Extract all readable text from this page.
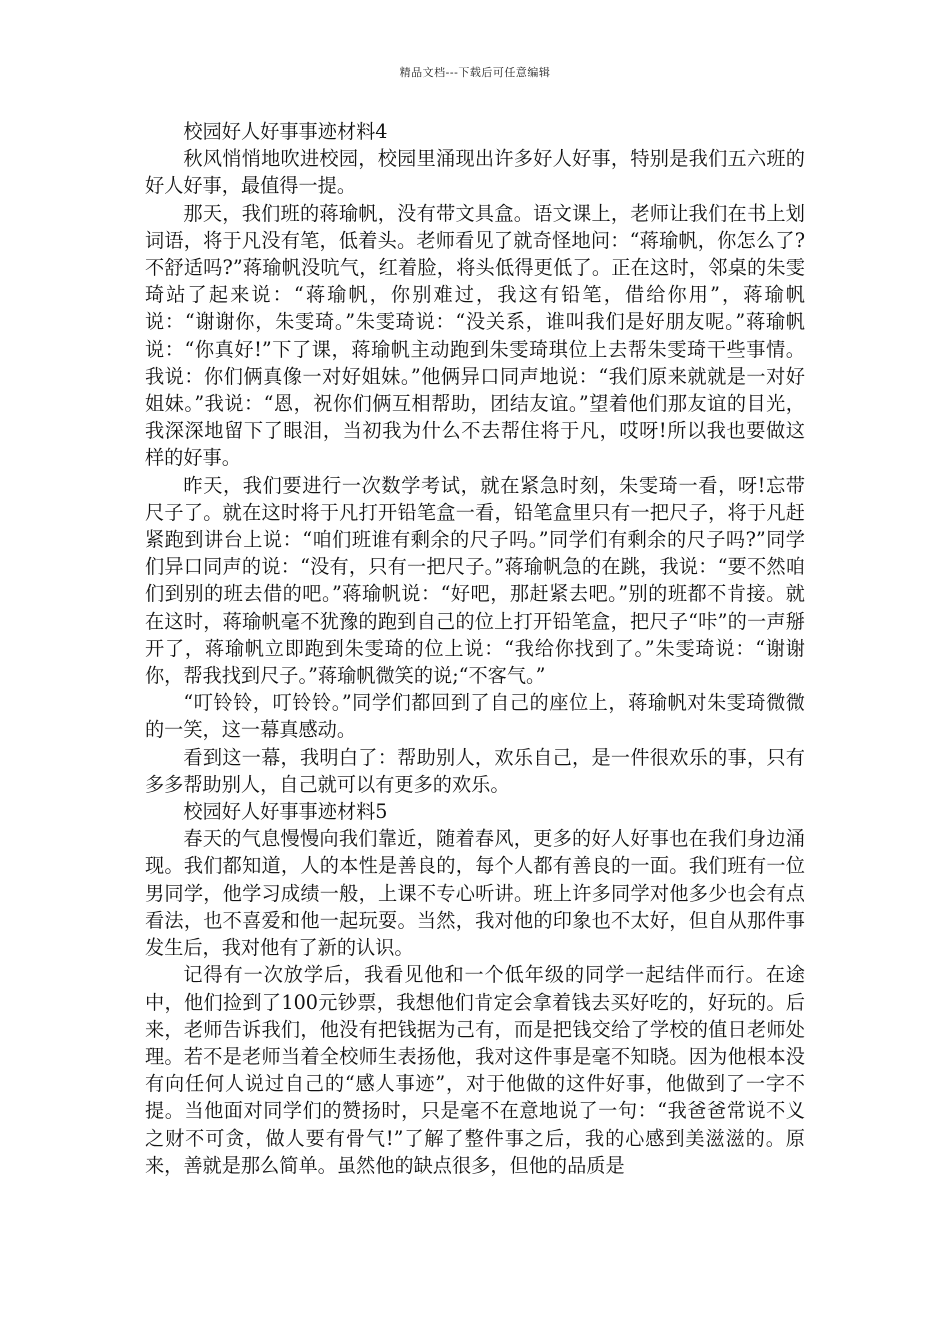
精品文档---下载后可任意编辑

校园好人好事事迹材料4

秋风悄悄地吹进校园，校园里涌现出许多好人好事，特别是我们五六班的好人好事，最值得一提。

那天，我们班的蒋瑜帆，没有带文具盒。语文课上，老师让我们在书上划词语，将于凡没有笔，低着头。老师看见了就奇怪地问：“蒋瑜帆，你怎么了?不舒适吗?”蒋瑜帆没吭气，红着脸，将头低得更低了。正在这时，邻桌的朱雯琦站了起来说：“蒋瑜帆，你别难过，我这有铅笔，借给你用”，蒋瑜帆说：“谢谢你，朱雯琦。”朱雯琦说：“没关系，谁叫我们是好朋友呢。”蒋瑜帆说：“你真好!”下了课，蒋瑜帆主动跑到朱雯琦琪位上去帮朱雯琦干些事情。我说：你们俩真像一对好姐妹。”他俩异口同声地说：“我们原来就就是一对好姐妹。”我说：“恩，祝你们俩互相帮助，团结友谊。”望着他们那友谊的目光，我深深地留下了眼泪，当初我为什么不去帮住将于凡，哎呀!所以我也要做这样的好事。

昨天，我们要进行一次数学考试，就在紧急时刻，朱雯琦一看，呀!忘带尺子了。就在这时将于凡打开铅笔盒一看，铅笔盒里只有一把尺子，将于凡赶紧跑到讲台上说：“咱们班谁有剩余的尺子吗。”同学们有剩余的尺子吗?”同学们异口同声的说：“没有，只有一把尺子。”蒋瑜帆急的在跳，我说：“要不然咱们到别的班去借的吧。”蒋瑜帆说：“好吧，那赶紧去吧。”别的班都不肯接。就在这时，蒋瑜帆毫不犹豫的跑到自己的位上打开铅笔盒，把尺子“咔”的一声掰开了，蒋瑜帆立即跑到朱雯琦的位上说：“我给你找到了。”朱雯琦说：“谢谢你，帮我找到尺子。”蒋瑜帆微笑的说;“不客气。”

“叮铃铃，叮铃铃。”同学们都回到了自己的座位上，蒋瑜帆对朱雯琦微微的一笑，这一幕真感动。

看到这一幕，我明白了：帮助别人，欢乐自己，是一件很欢乐的事，只有多多帮助别人，自己就可以有更多的欢乐。

校园好人好事事迹材料5

春天的气息慢慢向我们靠近，随着春风，更多的好人好事也在我们身边涌现。我们都知道，人的本性是善良的，每个人都有善良的一面。我们班有一位男同学，他学习成绩一般，上课不专心听讲。班上许多同学对他多少也会有点看法，也不喜爱和他一起玩耍。当然，我对他的印象也不太好，但自从那件事发生后，我对他有了新的认识。

记得有一次放学后，我看见他和一个低年级的同学一起结伴而行。在途中，他们捡到了100元钞票，我想他们肯定会拿着钱去买好吃的，好玩的。后来，老师告诉我们，他没有把钱据为己有，而是把钱交给了学校的值日老师处理。若不是老师当着全校师生表扬他，我对这件事是毫不知晓。因为他根本没有向任何人说过自己的“感人事迹”，对于他做的这件好事，他做到了一字不提。当他面对同学们的赞扬时，只是毫不在意地说了一句：“我爸爸常说不义之财不可贪，做人要有骨气!”了解了整件事之后，我的心感到美滋滋的。原来，善就是那么简单。虽然他的缺点很多，但他的品质是
